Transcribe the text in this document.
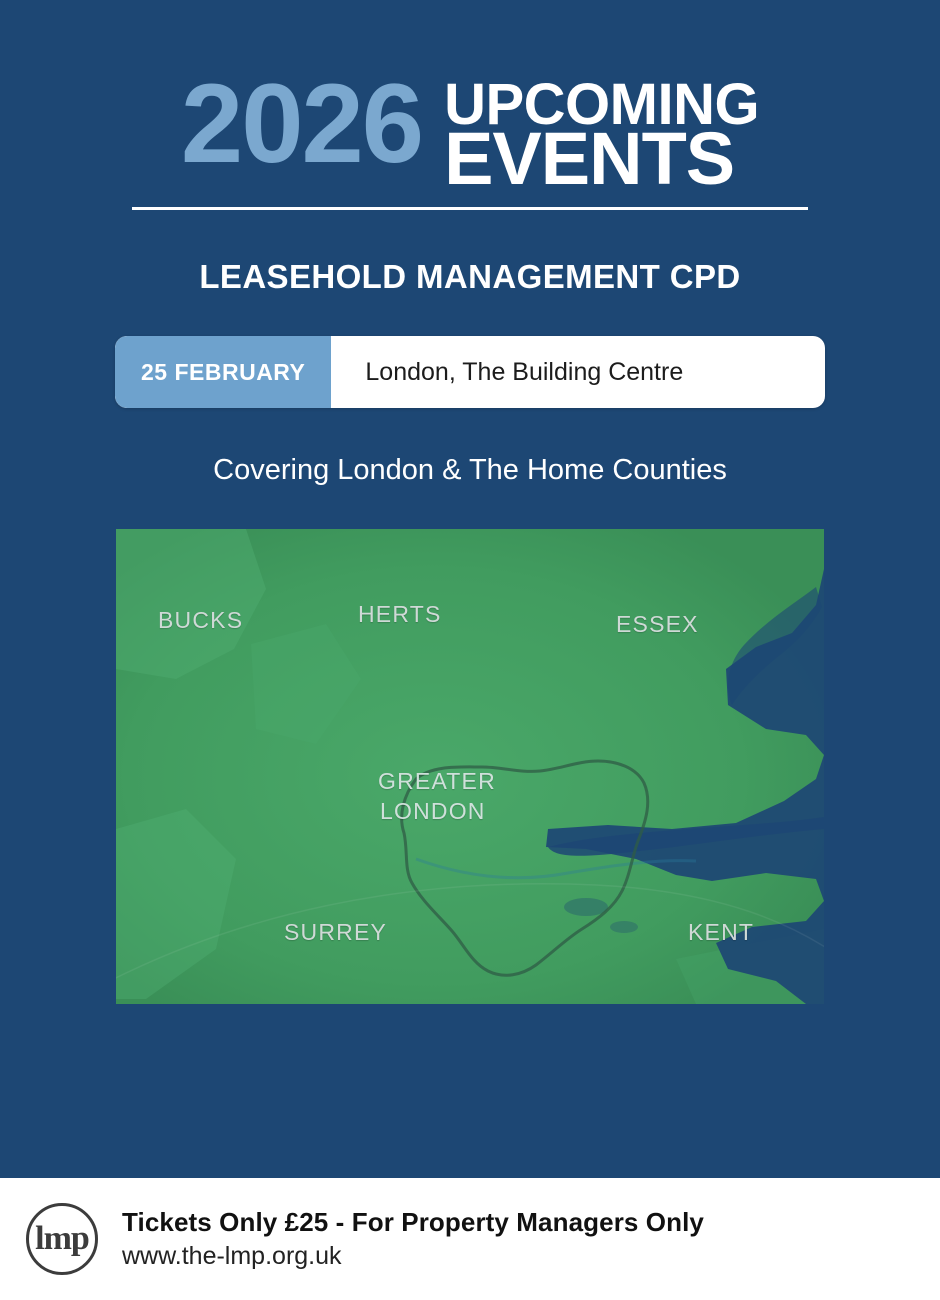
2026 UPCOMING
EVENTS
LEASEHOLD MANAGEMENT CPD
25 FEBRUARY	London, The Building Centre
Covering London & The Home Counties
BUCKS	HERTS	ESSEX
GREATER
LONDON
SURREY	KENT
lmp	Tickets Only £25 - For Property Managers Only
www.the-lmp.org.uk
